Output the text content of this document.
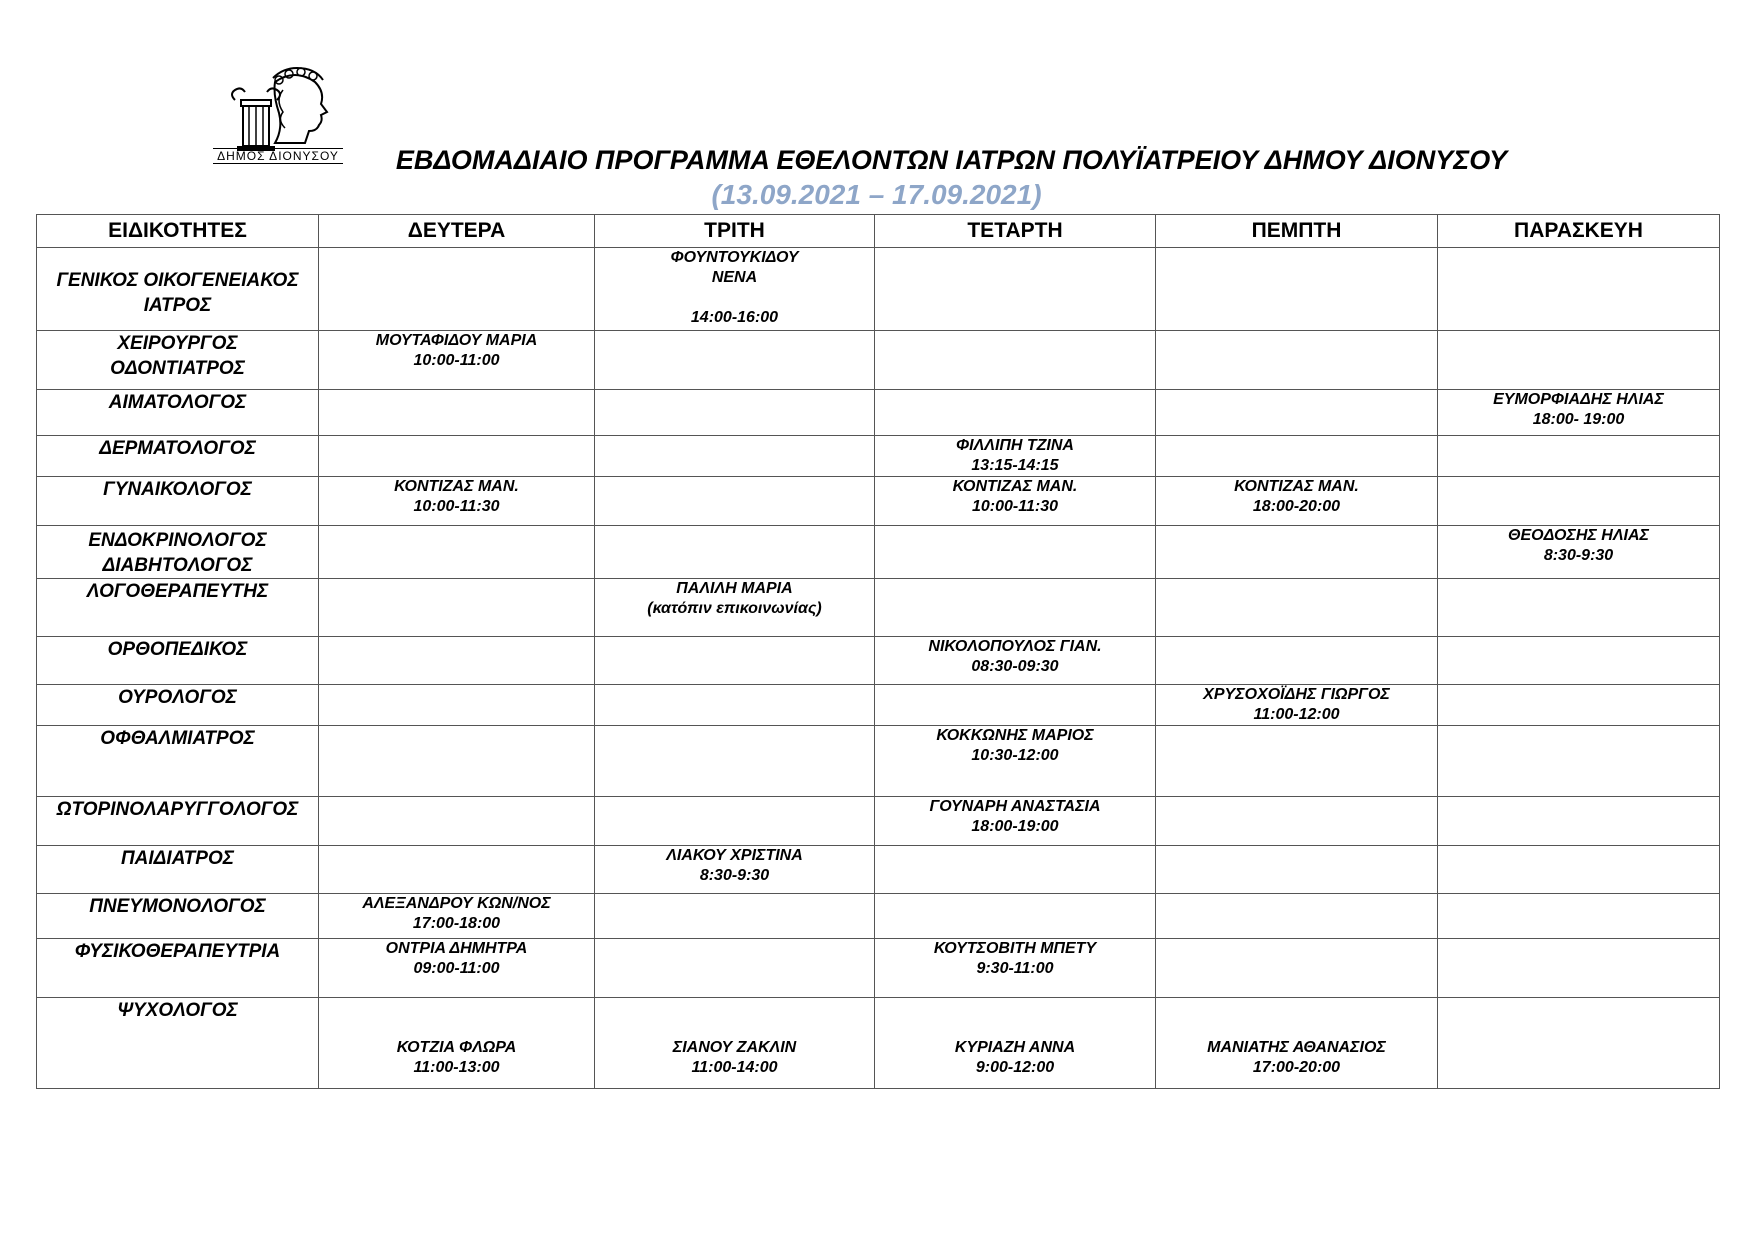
ΔΗΜΟΣ ΔΙΟΝΥΣΟΥ	ΕΒΔΟΜΑΔΙΑΙΟ ΠΡΟΓΡΑΜΜΑ ΕΘΕΛΟΝΤΩΝ ΙΑΤΡΩΝ ΠΟΛΥΪΑΤΡΕΙΟΥ ΔΗΜΟΥ ΔΙΟΝΥΣΟΥ
(13.09.2021 – 17.09.2021)
ΕΙΔΙΚΟΤΗΤΕΣ	ΔΕΥΤΕΡΑ	ΤΡΙΤΗ	ΤΕΤΑΡΤΗ	ΠΕΜΠΤΗ	ΠΑΡΑΣΚΕΥΗ

ΓΕΝΙΚΟΣ ΟΙΚΟΓΕΝΕΙΑΚΟΣ
ΙΑΤΡΟΣ		ΦΟΥΝΤΟΥΚΙΔΟΥ
ΝΕΝΑ
14:00-16:00			

ΧΕΙΡΟΥΡΓΟΣ
ΟΔΟΝΤΙΑΤΡΟΣ	ΜΟΥΤΑΦΙΔΟΥ ΜΑΡΙΑ
10:00-11:00				

ΑΙΜΑΤΟΛΟΓΟΣ					ΕΥΜΟΡΦΙΑΔΗΣ ΗΛΙΑΣ
18:00- 19:00

ΔΕΡΜΑΤΟΛΟΓΟΣ			ΦΙΛΛΙΠΗ ΤΖΙΝΑ
13:15-14:15		

ΓΥΝΑΙΚΟΛΟΓΟΣ	ΚΟΝΤΙΖΑΣ ΜΑΝ.
10:00-11:30		ΚΟΝΤΙΖΑΣ ΜΑΝ.
10:00-11:30	ΚΟΝΤΙΖΑΣ ΜΑΝ.
18:00-20:00	

ΕΝΔΟΚΡΙΝΟΛΟΓΟΣ
ΔΙΑΒΗΤΟΛΟΓΟΣ					ΘΕΟΔΟΣΗΣ ΗΛΙΑΣ
8:30-9:30

ΛΟΓΟΘΕΡΑΠΕΥΤΗΣ		ΠΑΛΙΛΗ ΜΑΡΙΑ
(κατόπιν επικοινωνίας)			

ΟΡΘΟΠΕΔΙΚΟΣ			ΝΙΚΟΛΟΠΟΥΛΟΣ ΓΙΑΝ.
08:30-09:30		

ΟΥΡΟΛΟΓΟΣ				ΧΡΥΣΟΧΟΪΔΗΣ ΓΙΩΡΓΟΣ
11:00-12:00	

ΟΦΘΑΛΜΙΑΤΡΟΣ			ΚΟΚΚΩΝΗΣ ΜΑΡΙΟΣ
10:30-12:00		

ΩΤΟΡΙΝΟΛΑΡΥΓΓΟΛΟΓΟΣ			ΓΟΥΝΑΡΗ ΑΝΑΣΤΑΣΙΑ
18:00-19:00		

ΠΑΙΔΙΑΤΡΟΣ		ΛΙΑΚΟΥ ΧΡΙΣΤΙΝΑ
8:30-9:30			

ΠΝΕΥΜΟΝΟΛΟΓΟΣ	ΑΛΕΞΑΝΔΡΟΥ ΚΩΝ/ΝΟΣ
17:00-18:00				

ΦΥΣΙΚΟΘΕΡΑΠΕΥΤΡΙΑ	ΟΝΤΡΙΑ ΔΗΜΗΤΡΑ
09:00-11:00		ΚΟΥΤΣΟΒΙΤΗ ΜΠΕΤΥ
9:30-11:00		

ΨΥΧΟΛΟΓΟΣ	ΚΟΤΖΙΑ ΦΛΩΡΑ
11:00-13:00	ΣΙΑΝΟΥ ΖΑΚΛΙΝ
11:00-14:00	ΚΥΡΙΑΖΗ ΑΝΝΑ
9:00-12:00	ΜΑΝΙΑΤΗΣ ΑΘΑΝΑΣΙΟΣ
17:00-20:00	
